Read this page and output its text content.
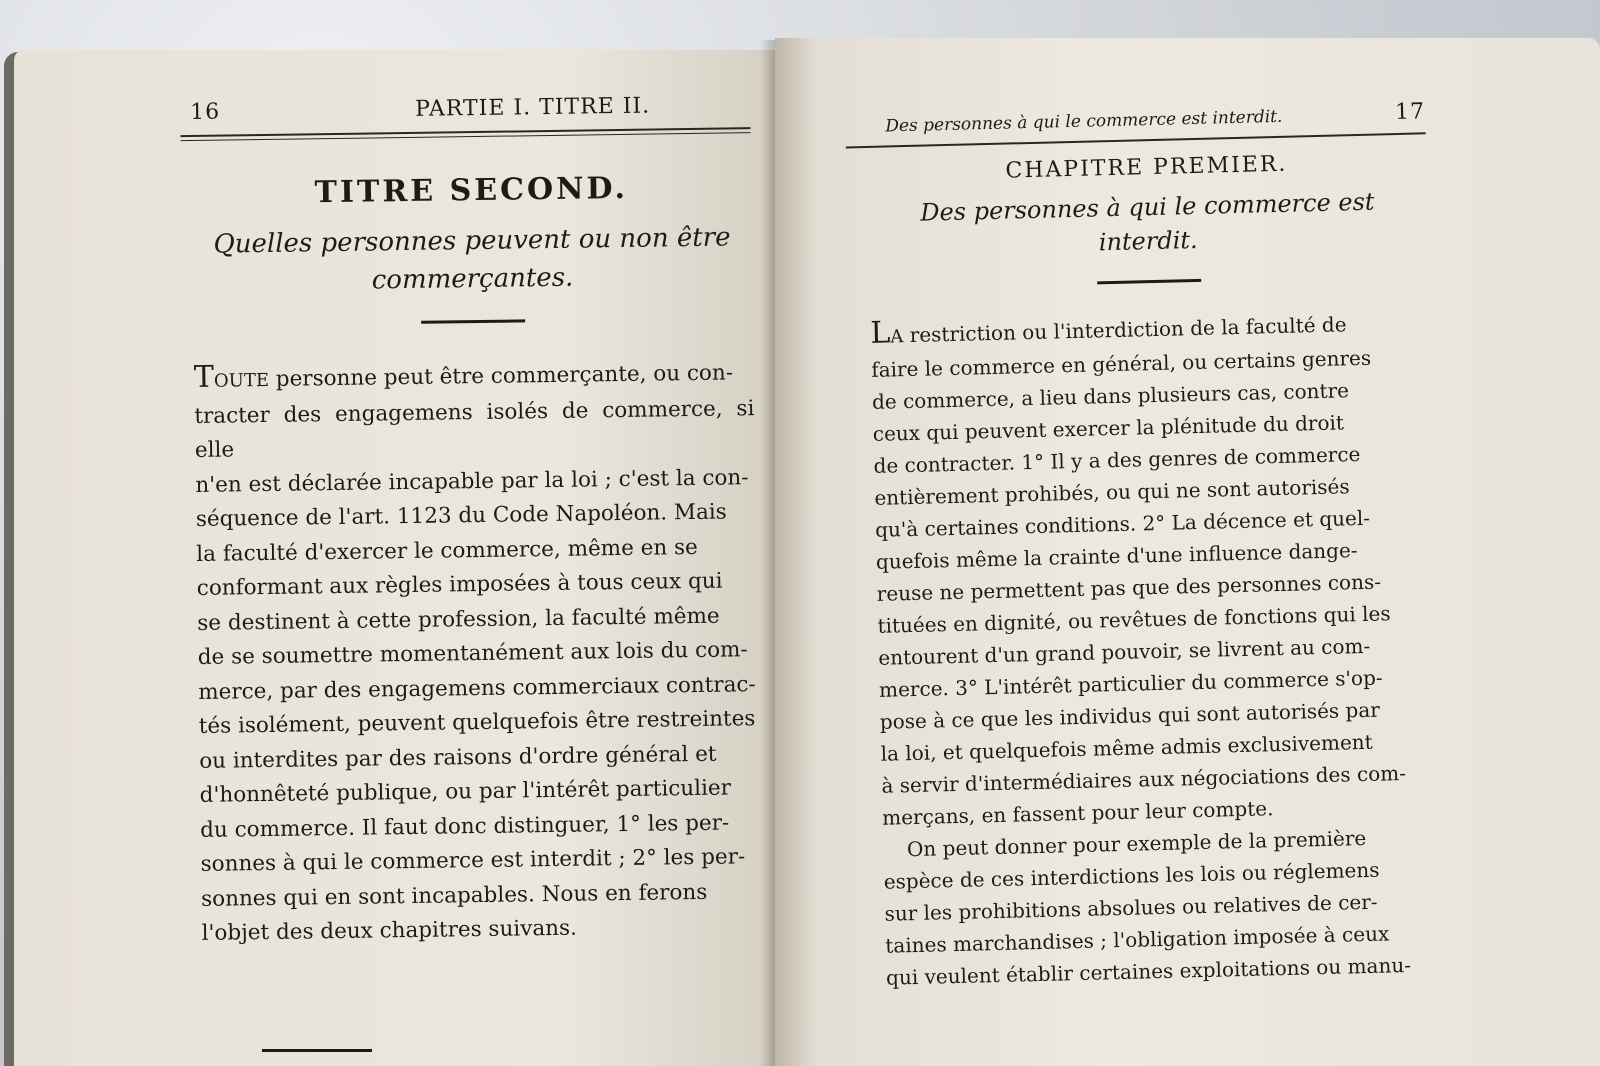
16	PARTIE I. TITRE II.
TITRE SECOND.
Quelles personnes peuvent ou non être
commerçantes.

TOUTE personne peut être commerçante, ou con-
tracter des engagemens isolés de commerce, si elle
n'en est déclarée incapable par la loi ; c'est la con-
séquence de l'art. 1123 du Code Napoléon. Mais
la faculté d'exercer le commerce, même en se
conformant aux règles imposées à tous ceux qui
se destinent à cette profession, la faculté même
de se soumettre momentanément aux lois du com-
merce, par des engagemens commerciaux contrac-
tés isolément, peuvent quelquefois être restreintes
ou interdites par des raisons d'ordre général et
d'honnêteté publique, ou par l'intérêt particulier
du commerce. Il faut donc distinguer, 1° les per-
sonnes à qui le commerce est interdit ; 2° les per-
sonnes qui en sont incapables. Nous en ferons
l'objet des deux chapitres suivans.

Des personnes à qui le commerce est interdit.	17
CHAPITRE PREMIER.
Des personnes à qui le commerce est
interdit.

LA restriction ou l'interdiction de la faculté de
faire le commerce en général, ou certains genres
de commerce, a lieu dans plusieurs cas, contre
ceux qui peuvent exercer la plénitude du droit
de contracter. 1° Il y a des genres de commerce
entièrement prohibés, ou qui ne sont autorisés
qu'à certaines conditions. 2° La décence et quel-
quefois même la crainte d'une influence dange-
reuse ne permettent pas que des personnes cons-
tituées en dignité, ou revêtues de fonctions qui les
entourent d'un grand pouvoir, se livrent au com-
merce. 3° L'intérêt particulier du commerce s'op-
pose à ce que les individus qui sont autorisés par
la loi, et quelquefois même admis exclusivement
à servir d'intermédiaires aux négociations des com-
merçans, en fassent pour leur compte.

On peut donner pour exemple de la première
espèce de ces interdictions les lois ou réglemens
sur les prohibitions absolues ou relatives de cer-
taines marchandises ; l'obligation imposée à ceux
qui veulent établir certaines exploitations ou manu-
